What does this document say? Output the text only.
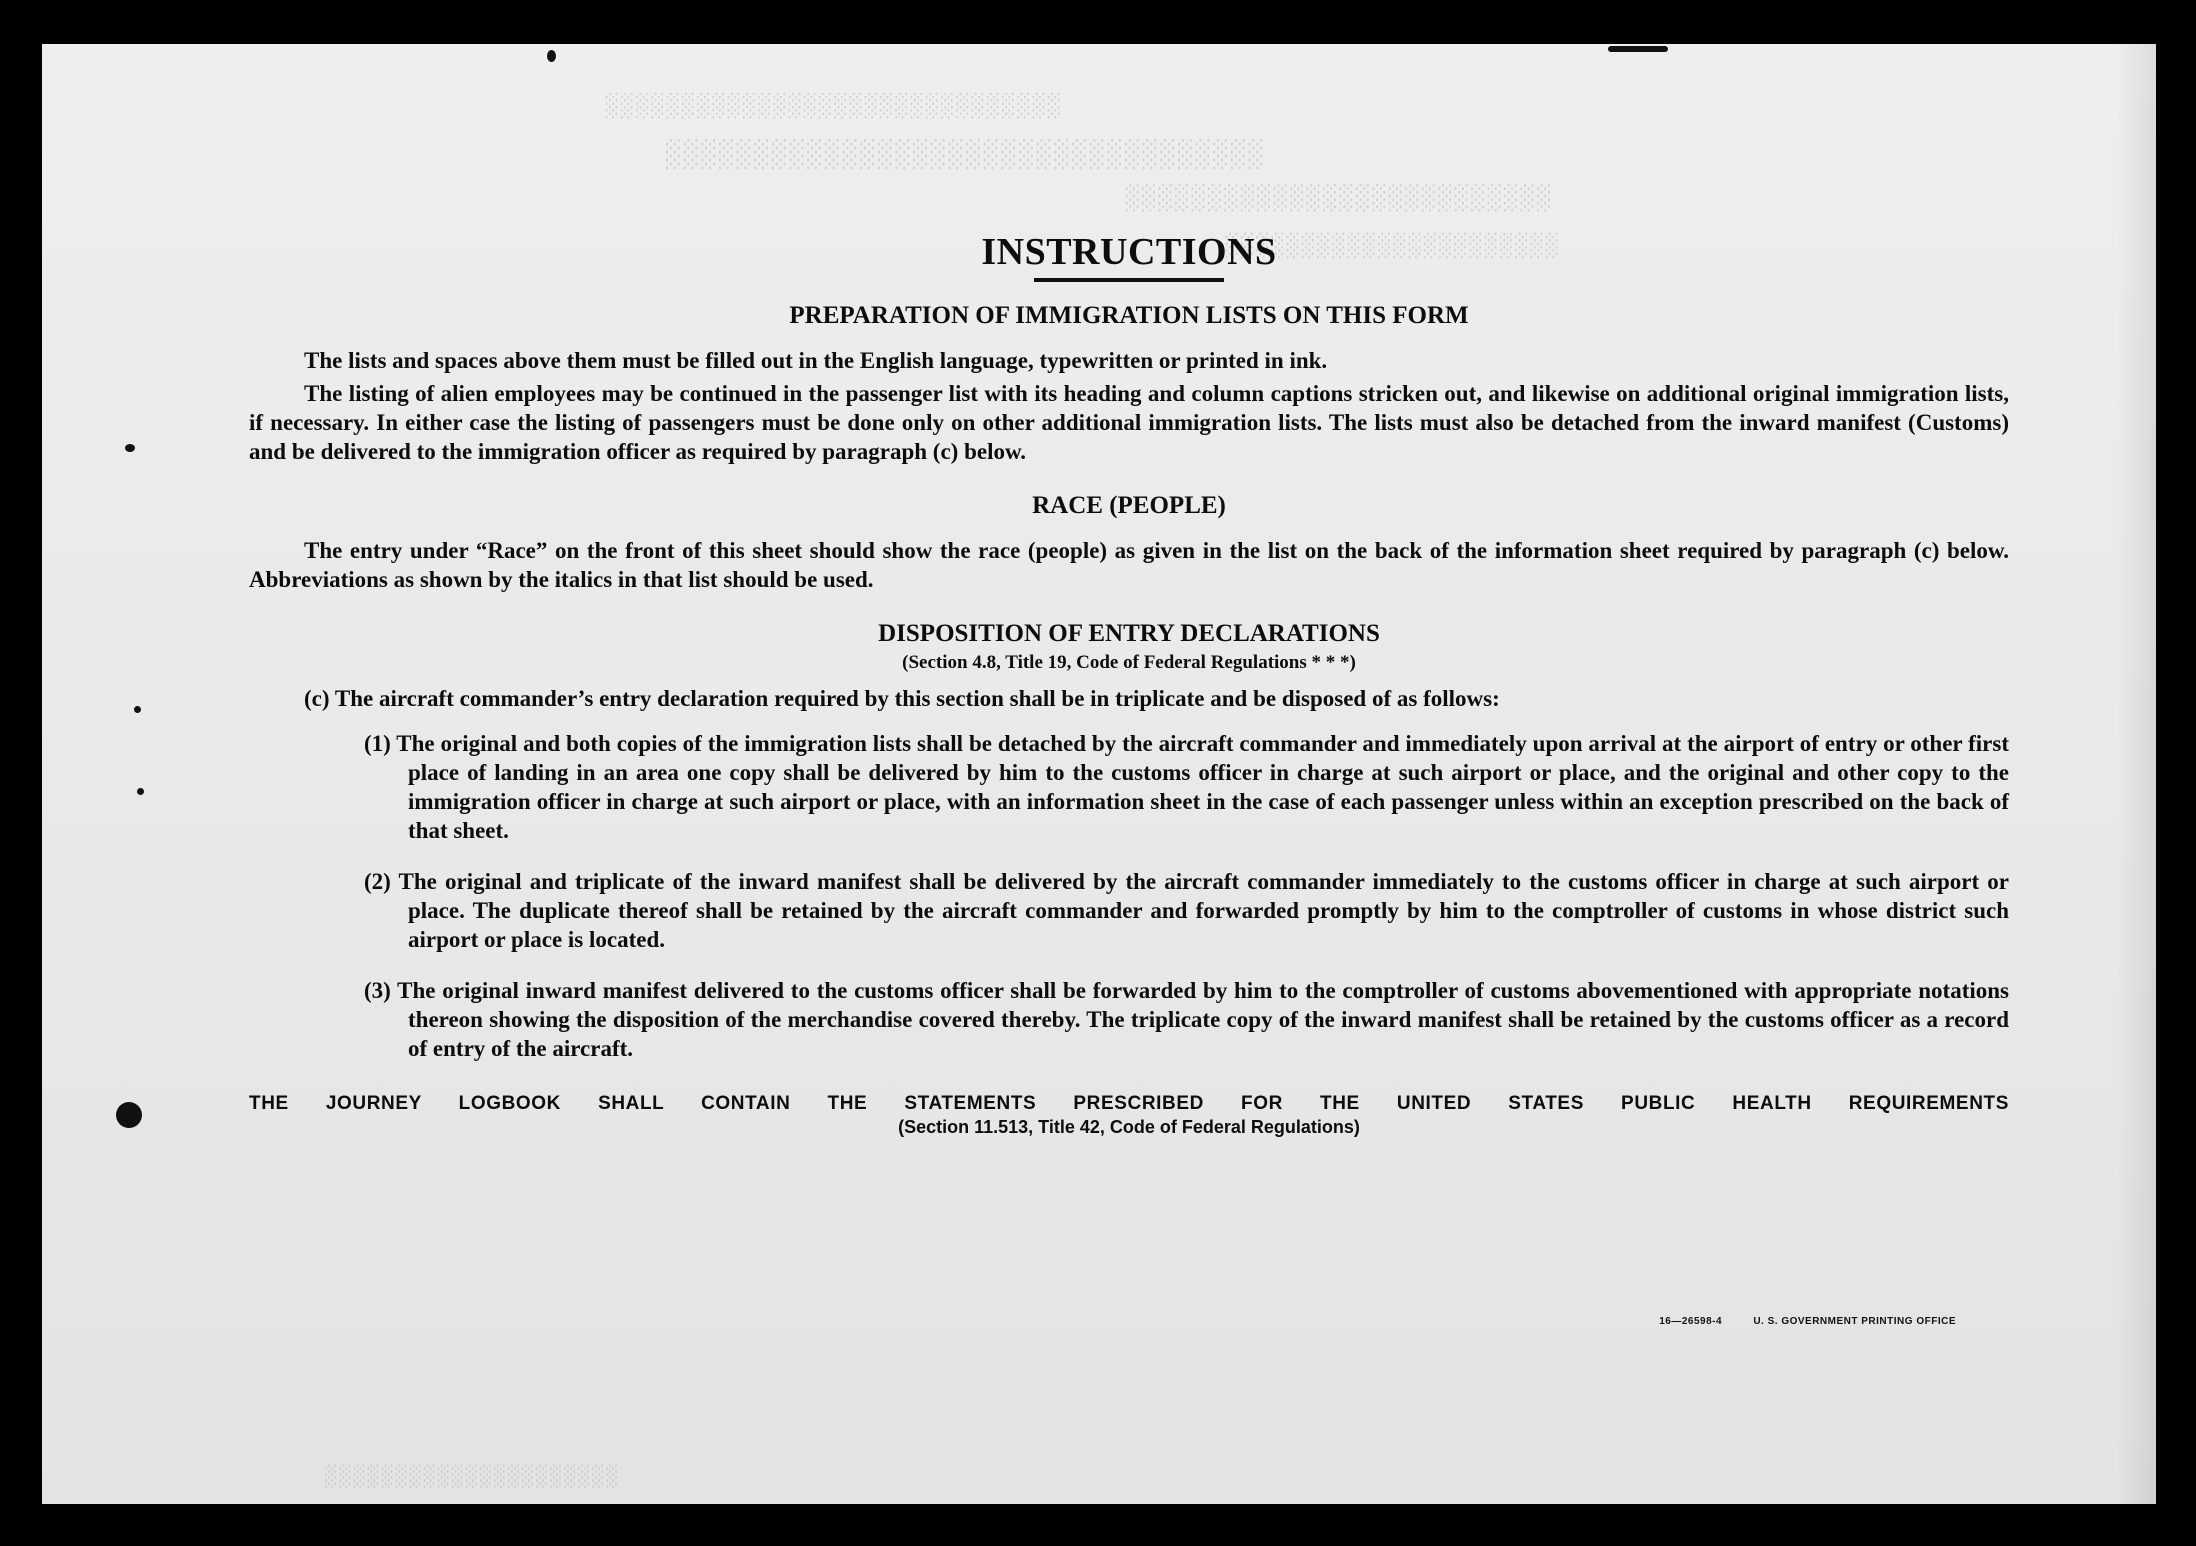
░░░░░░░░░░░░░░░░░░░░░░░░░░░░░░
░░░░░░░░░░░░░░░░░░░░░░░░░░░░░░░░░░
░░░░░░░░░░░░░░░░░░░░░░░░░░
░░░░░░░░░░░░░░░░░░░░░░
░░░░░░░░░░░░░░░░░░░░░
INSTRUCTIONS
PREPARATION OF IMMIGRATION LISTS ON THIS FORM

The lists and spaces above them must be filled out in the English language, typewritten or printed in ink.

The listing of alien employees may be continued in the passenger list with its heading and column captions stricken out, and likewise on additional original immigration lists, if necessary. In either case the listing of passengers must be done only on other additional immigration lists. The lists must also be detached from the inward manifest (Customs) and be delivered to the immigration officer as required by paragraph (c) below.

RACE (PEOPLE)

The entry under “Race” on the front of this sheet should show the race (people) as given in the list on the back of the information sheet required by paragraph (c) below. Abbreviations as shown by the italics in that list should be used.

DISPOSITION OF ENTRY DECLARATIONS
(Section 4.8, Title 19, Code of Federal Regulations * * *)

(c) The aircraft commander’s entry declaration required by this section shall be in triplicate and be disposed of as follows:

(1) The original and both copies of the immigration lists shall be detached by the aircraft commander and immediately upon arrival at the airport of entry or other first place of landing in an area one copy shall be delivered by him to the customs officer in charge at such airport or place, and the original and other copy to the immigration officer in charge at such airport or place, with an information sheet in the case of each passenger unless within an exception prescribed on the back of that sheet.

(2) The original and triplicate of the inward manifest shall be delivered by the aircraft commander immediately to the customs officer in charge at such airport or place. The duplicate thereof shall be retained by the aircraft commander and forwarded promptly by him to the comptroller of customs in whose district such airport or place is located.

(3) The original inward manifest delivered to the customs officer shall be forwarded by him to the comptroller of customs abovementioned with appropriate notations thereon showing the disposition of the merchandise covered thereby. The triplicate copy of the inward manifest shall be retained by the customs officer as a record of entry of the aircraft.

THE JOURNEY LOGBOOK SHALL CONTAIN THE STATEMENTS PRESCRIBED FOR THE UNITED STATES PUBLIC HEALTH REQUIREMENTS
(Section 11.513, Title 42, Code of Federal Regulations)
16—26598-4	U. S. GOVERNMENT PRINTING OFFICE
